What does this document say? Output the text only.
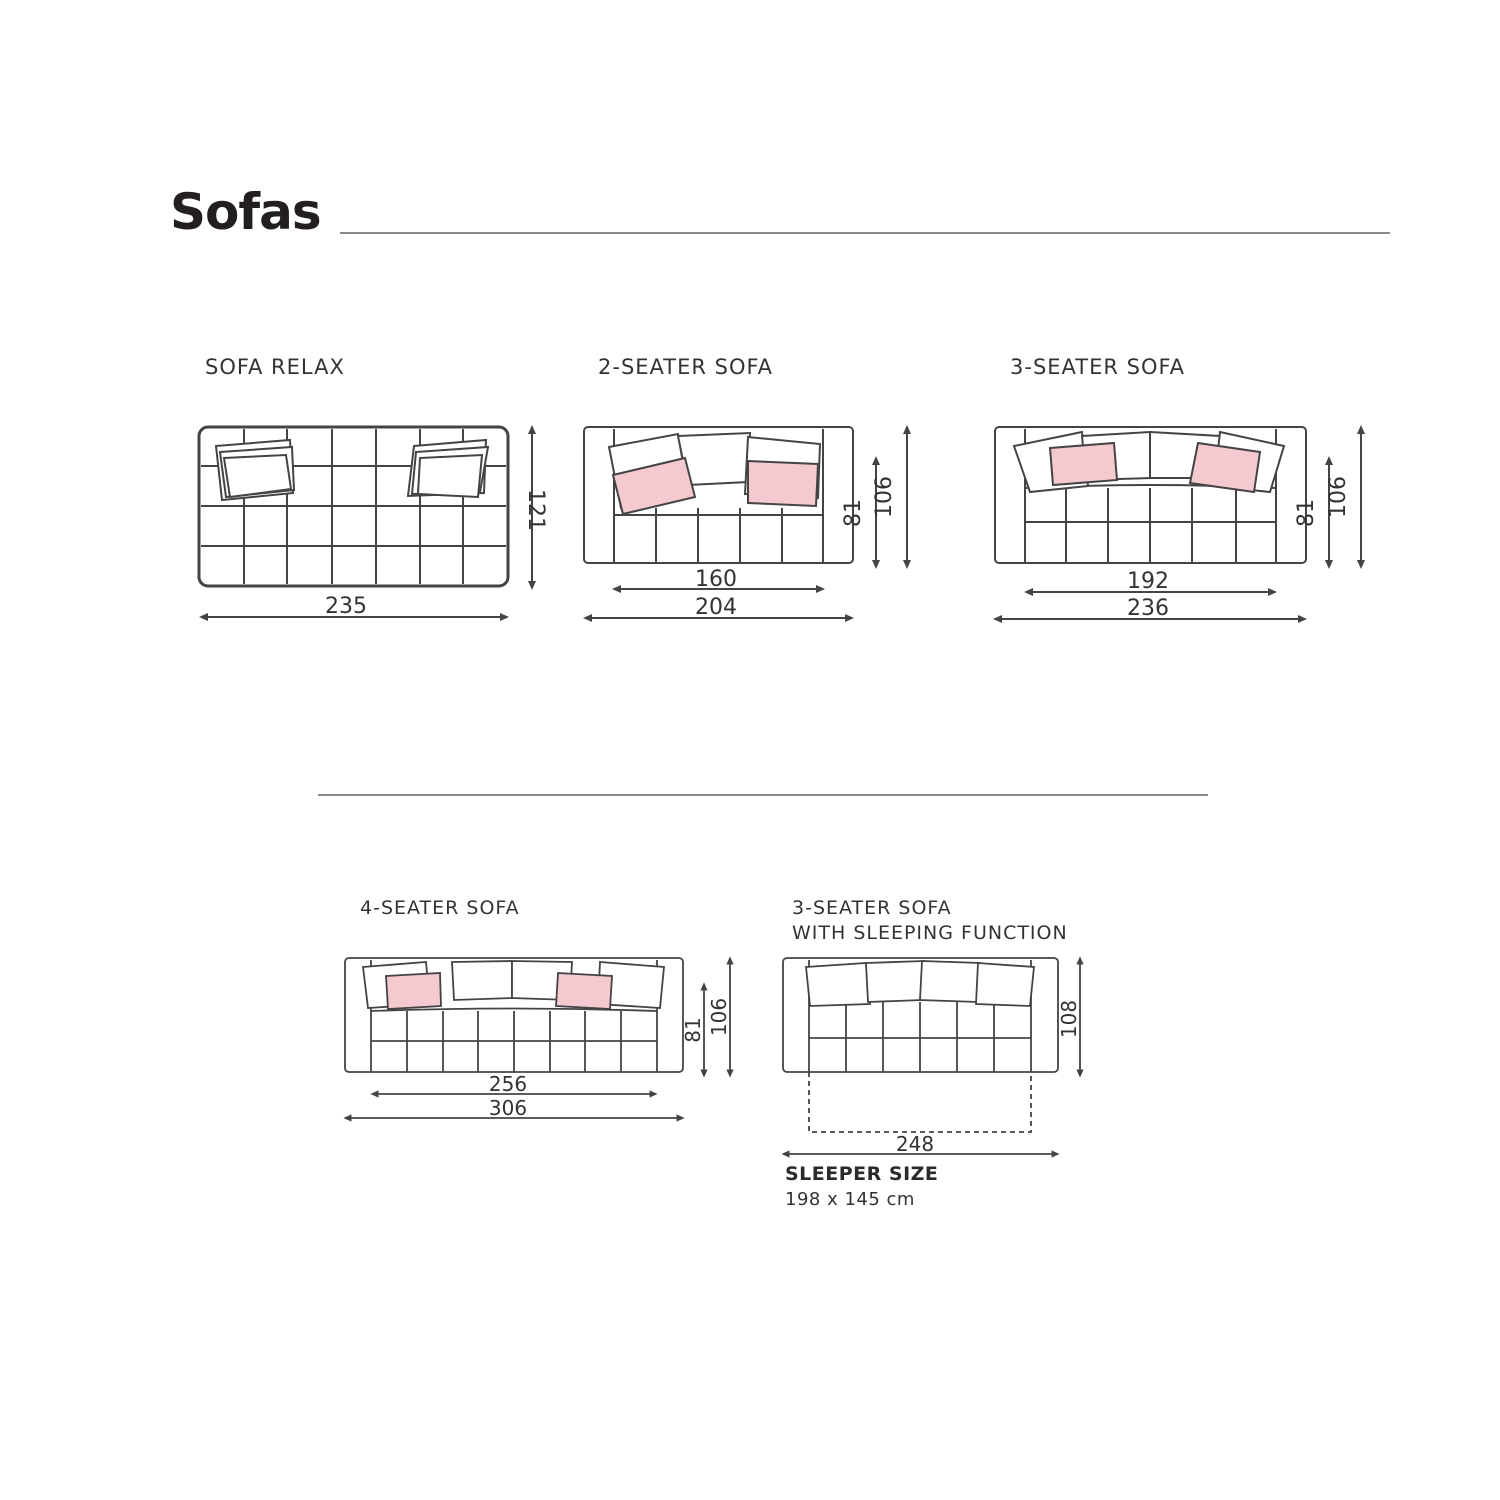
Sofas
SOFA RELAX	2-SEATER SOFA	3-SEATER SOFA
4-SEATER SOFA	3-SEATER SOFA
WITH SLEEPING FUNCTION
SLEEPER SIZE
198 x 145 cm
235
121
160
204
81 106
192
236
81 106
256
306
81 106
248
108
